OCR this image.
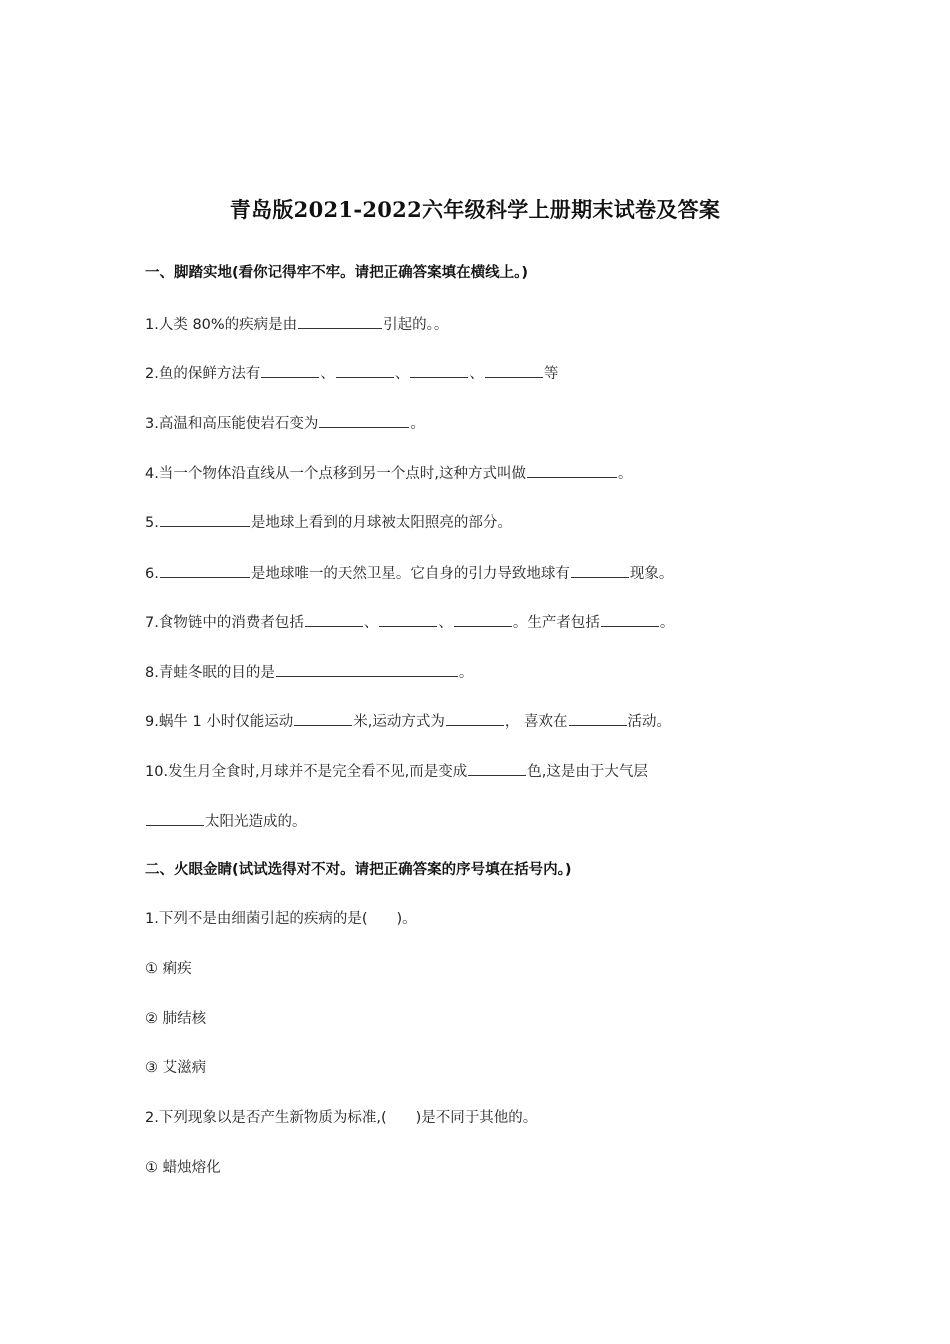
青岛版2021-2022六年级科学上册期末试卷及答案
一、脚踏实地(看你记得牢不牢。请把正确答案填在横线上。)
1.人类 80%的疾病是由	引起的。。
2.鱼的保鲜方法有	、	、	、	等
3.高温和高压能使岩石变为	。
4.当一个物体沿直线从一个点移到另一个点时,这种方式叫做	。
5.	是地球上看到的月球被太阳照亮的部分。
6.	是地球唯一的天然卫星。它自身的引力导致地球有	现象。
7.食物链中的消费者包括	、	、	。生产者包括	。
8.青蛙冬眠的目的是	。
9.蜗牛 1 小时仅能运动	米,运动方式为	， 喜欢在	活动。
10.发生月全食时,月球并不是完全看不见,而是变成	色,这是由于大气层
太阳光造成的。
二、火眼金睛(试试选得对不对。请把正确答案的序号填在括号内。)
1.下列不是由细菌引起的疾病的是(　　)。
① 痢疾
② 肺结核
③ 艾滋病
2.下列现象以是否产生新物质为标准,(　　)是不同于其他的。
① 蜡烛熔化
